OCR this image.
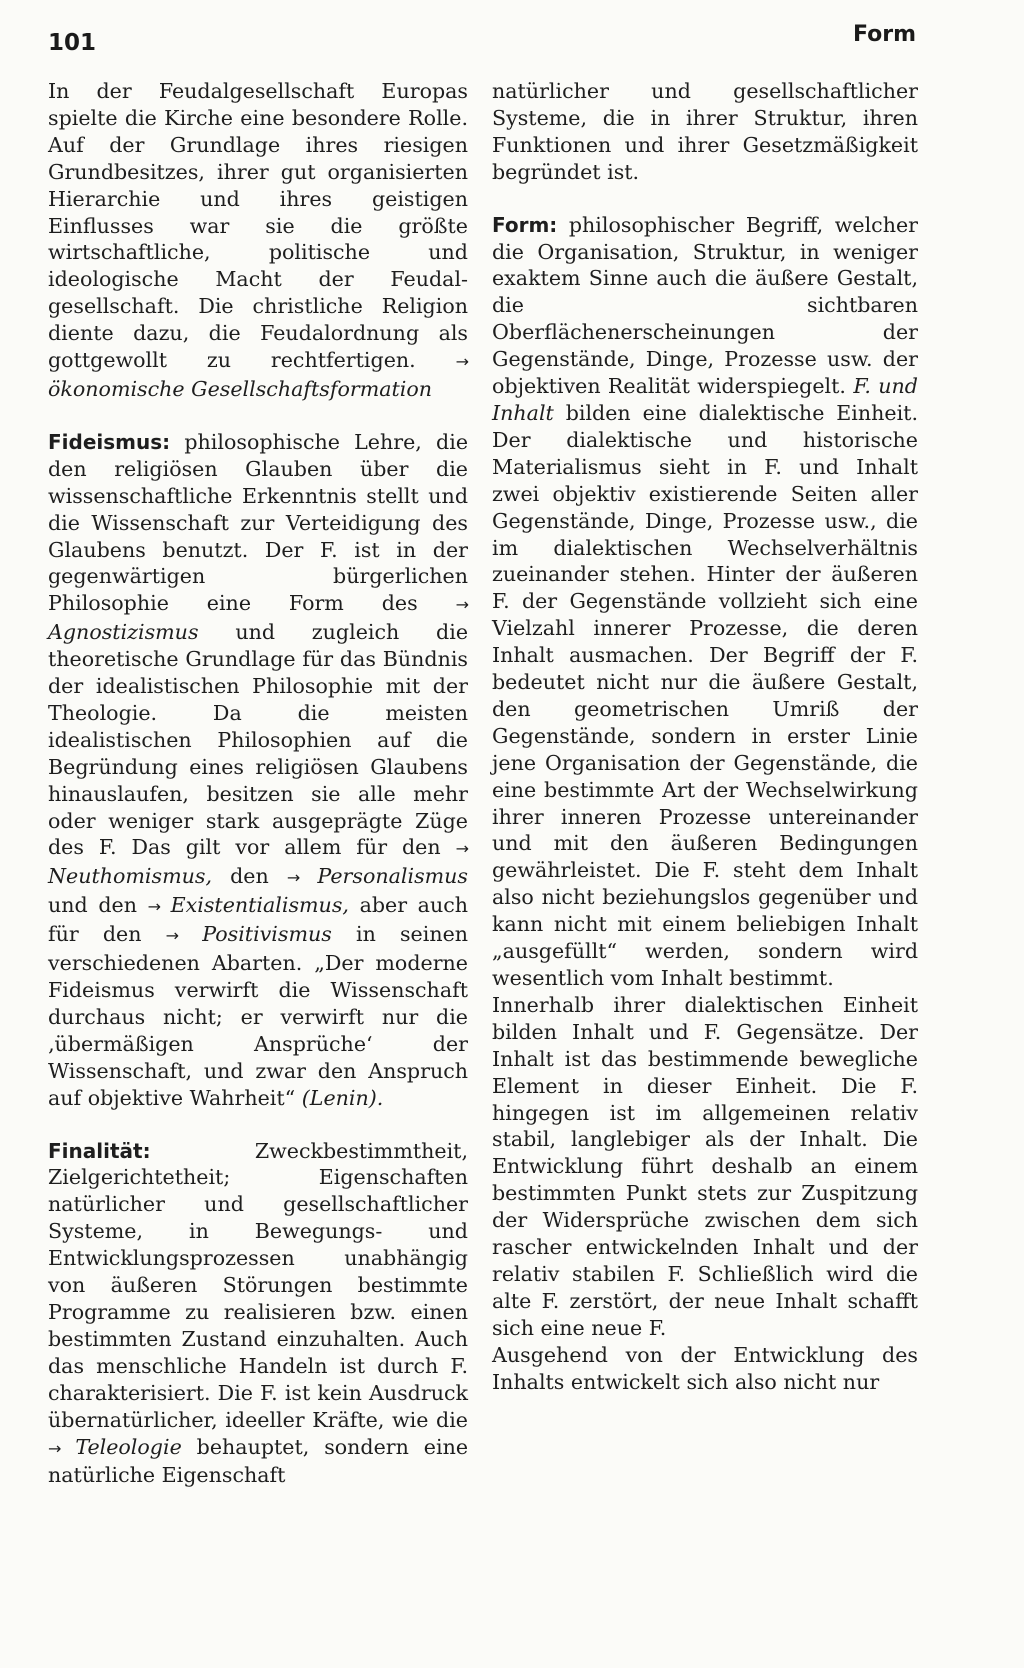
101	Form

In der Feudalgesellschaft Europas spielte die Kirche eine besondere Rolle. Auf der Grundlage ihres riesigen Grundbesitzes, ihrer gut organisierten Hierarchie und ihres geistigen Einflusses war sie die größte wirtschaftliche, politische und ideologische Macht der Feudal-gesellschaft. Die christliche Religion diente dazu, die Feudalordnung als gottgewollt zu rechtfertigen. → ökonomische Gesellschaftsformation

Fideismus: philosophische Lehre, die den religiösen Glauben über die wissenschaftliche Erkenntnis stellt und die Wissenschaft zur Verteidigung des Glaubens benutzt. Der F. ist in der gegenwärtigen bürgerlichen Philosophie eine Form des → Agnostizismus und zugleich die theoretische Grundlage für das Bündnis der idealistischen Philosophie mit der Theologie. Da die meisten idealistischen Philosophien auf die Begründung eines religiösen Glaubens hinauslaufen, besitzen sie alle mehr oder weniger stark ausgeprägte Züge des F. Das gilt vor allem für den → Neuthomismus, den → Personalismus und den → Existentialismus, aber auch für den → Positivismus in seinen verschiedenen Abarten. „Der moderne Fideismus verwirft die Wissenschaft durchaus nicht; er verwirft nur die ‚übermäßigen Ansprüche‘ der Wissenschaft, und zwar den Anspruch auf objektive Wahrheit“ (Lenin).

Finalität:	Zweckbestimmtheit, Zielgerichtetheit; Eigenschaften natürlicher und gesellschaftlicher Systeme, in Bewegungs- und Entwicklungsprozessen unabhängig von äußeren Störungen bestimmte Programme zu realisieren bzw. einen bestimmten Zustand einzuhalten. Auch das menschliche Handeln ist durch F. charakterisiert. Die F. ist kein Ausdruck übernatürlicher, ideeller Kräfte, wie die → Teleologie behauptet, sondern eine natürliche Eigenschaft

natürlicher und gesellschaftlicher Systeme, die in ihrer Struktur, ihren Funktionen und ihrer Gesetzmäßigkeit begründet ist.

Form: philosophischer Begriff, welcher die Organisation, Struktur, in weniger exaktem Sinne auch die äußere Gestalt, die sichtbaren Oberflächenerscheinungen der Gegenstände, Dinge, Prozesse usw. der objektiven Realität widerspiegelt. F. und Inhalt bilden eine dialektische Einheit. Der dialektische und historische Materialismus sieht in F. und Inhalt zwei objektiv existierende Seiten aller Gegenstände, Dinge, Prozesse usw., die im dialektischen Wechselverhältnis zueinander stehen. Hinter der äußeren F. der Gegenstände vollzieht sich eine Vielzahl innerer Prozesse, die deren Inhalt ausmachen. Der Begriff der F. bedeutet nicht nur die äußere Gestalt, den geometrischen Umriß der Gegenstände, sondern in erster Linie jene Organisation der Gegenstände, die eine bestimmte Art der Wechselwirkung ihrer inneren Prozesse untereinander und mit den äußeren Bedingungen gewährleistet. Die F. steht dem Inhalt also nicht beziehungslos gegenüber und kann nicht mit einem beliebigen Inhalt „ausgefüllt“ werden, sondern wird wesentlich vom Inhalt bestimmt.

Innerhalb ihrer dialektischen Einheit bilden Inhalt und F. Gegensätze. Der Inhalt ist das bestimmende bewegliche Element in dieser Einheit. Die F. hingegen ist im allgemeinen relativ stabil, langlebiger als der Inhalt. Die Entwicklung führt deshalb an einem bestimmten Punkt stets zur Zuspitzung der Widersprüche zwischen dem sich rascher entwickelnden Inhalt und der relativ stabilen F. Schließlich wird die alte F. zerstört, der neue Inhalt schafft sich eine neue F.

Ausgehend von der Entwicklung des Inhalts entwickelt sich also nicht nur
